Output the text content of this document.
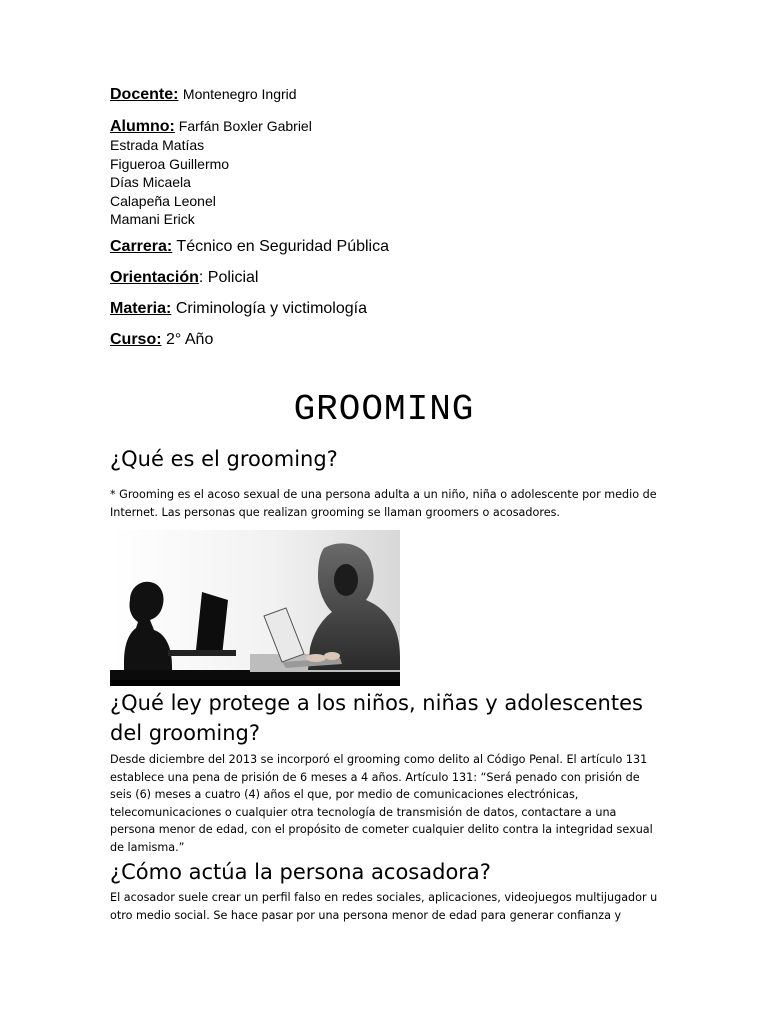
Docente: Montenegro Ingrid

Alumno: Farfán Boxler Gabriel
Estrada Matías
Figueroa Guillermo
Días Micaela
Calapeña Leonel
Mamani Erick

Carrera: Técnico en Seguridad Pública

Orientación: Policial

Materia: Criminología y victimología

Curso: 2° Año

GROOMING
¿Qué es el grooming?

* Grooming es el acoso sexual de una persona adulta a un niño, niña o adolescente por medio de Internet. Las personas que realizan grooming se llaman groomers o acosadores.

¿Qué ley protege a los niños, niñas y adolescentes del grooming?

Desde diciembre del 2013 se incorporó el grooming como delito al Código Penal. El artículo 131 establece una pena de prisión de 6 meses a 4 años. Artículo 131: “Será penado con prisión de seis (6) meses a cuatro (4) años el que, por medio de comunicaciones electrónicas, telecomunicaciones o cualquier otra tecnología de transmisión de datos, contactare a una persona menor de edad, con el propósito de cometer cualquier delito contra la integridad sexual de lamisma.”

¿Cómo actúa la persona acosadora?

El acosador suele crear un perfil falso en redes sociales, aplicaciones, videojuegos multijugador u otro medio social. Se hace pasar por una persona menor de edad para generar confianza y
